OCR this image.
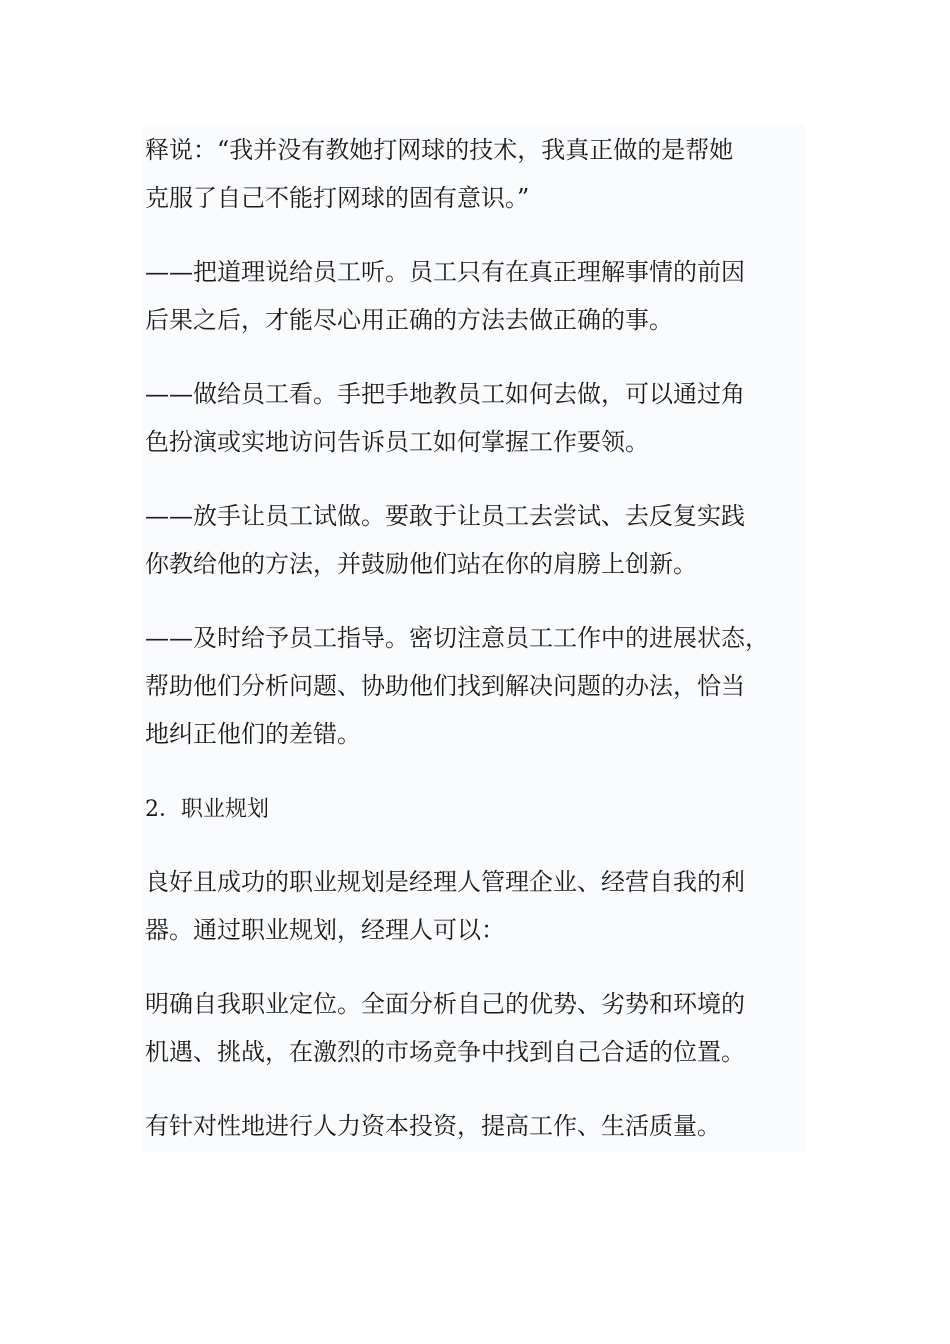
释说：“我并没有教她打网球的技术，我真正做的是帮她
克服了自己不能打网球的固有意识。”

——把道理说给员工听。员工只有在真正理解事情的前因
后果之后，才能尽心用正确的方法去做正确的事。

——做给员工看。手把手地教员工如何去做，可以通过角
色扮演或实地访问告诉员工如何掌握工作要领。

——放手让员工试做。要敢于让员工去尝试、去反复实践
你教给他的方法，并鼓励他们站在你的肩膀上创新。

——及时给予员工指导。密切注意员工工作中的进展状态，
帮助他们分析问题、协助他们找到解决问题的办法，恰当
地纠正他们的差错。

2．职业规划

良好且成功的职业规划是经理人管理企业、经营自我的利
器。通过职业规划，经理人可以：

明确自我职业定位。全面分析自己的优势、劣势和环境的
机遇、挑战，在激烈的市场竞争中找到自己合适的位置。

有针对性地进行人力资本投资，提高工作、生活质量。
